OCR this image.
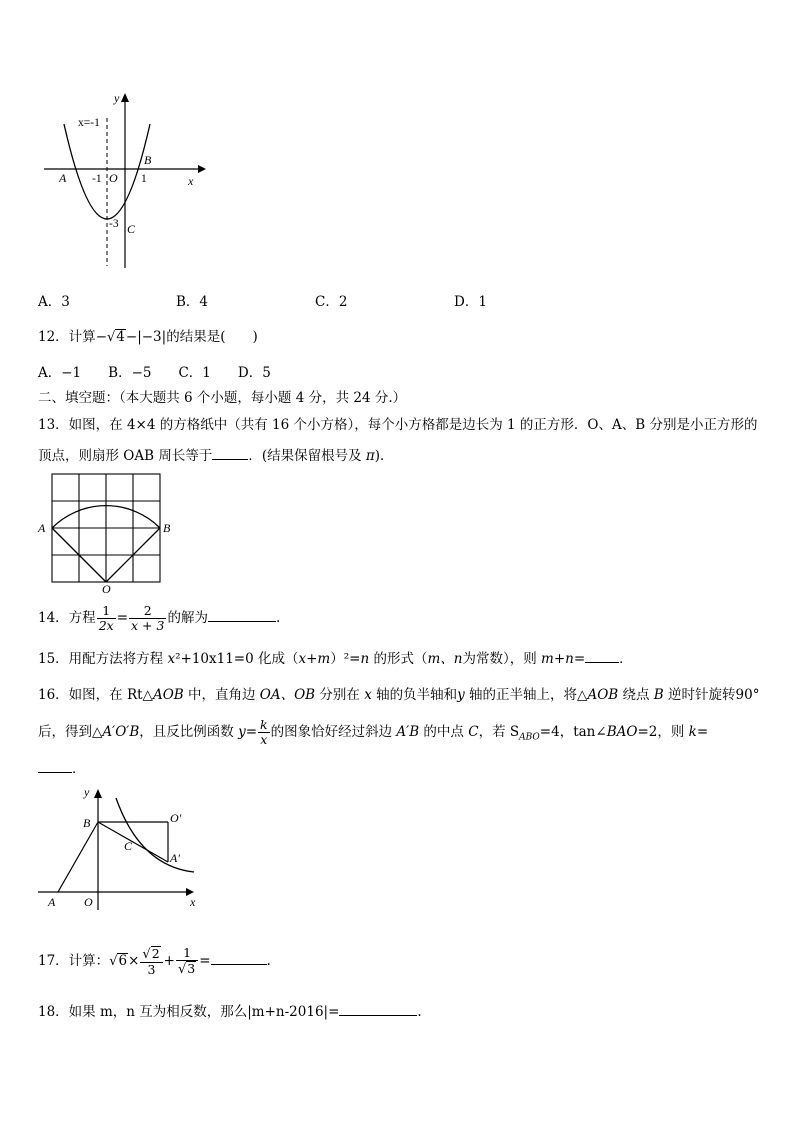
y
x
x=-1
A -1 O 1
B
-3 C
A．3	B．4	C．2	D．1
12．计算−√4−|−3|的结果是(　　 )
A．−1　　B．−5　　C．1　　D．5
二、填空题：（本大题共 6 个小题，每小题 4 分，共 24 分.）
13．如图，在 4×4 的方格纸中（共有 16 个小方格），每个小方格都是边长为 1 的正方形．O、A、B 分别是小正方形的
顶点，则扇形 OAB 周长等于	．(结果保留根号及 π)．
A	B
O
14．方程 $\frac{1}{2x} = \frac{2}{x + 3}$ 的解为	.
15．用配方法将方程 x²+10x11=0 化成（x+m）²=n 的形式（m、n为常数），则 m+n=	．
16．如图，在 Rt△AOB 中，直角边 OA、OB 分别在 x 轴的负半轴和y 轴的正半轴上，将△AOB 绕点 B 逆时针旋转90°
后，得到△A′O′B，且反比例函数 $y= \frac{k}{x}$ 的图象恰好经过斜边 A′B 的中点 C，若 $S_{ABO}=4$，tan∠BAO=2，则 k=
．
y
x
B	O′
C
A′
A O
17．计算：$√6\times \frac{√2}{3} + \frac{1}{√3}$ =	.
18．如果 m，n 互为相反数，那么|m+n-2016|=	.
